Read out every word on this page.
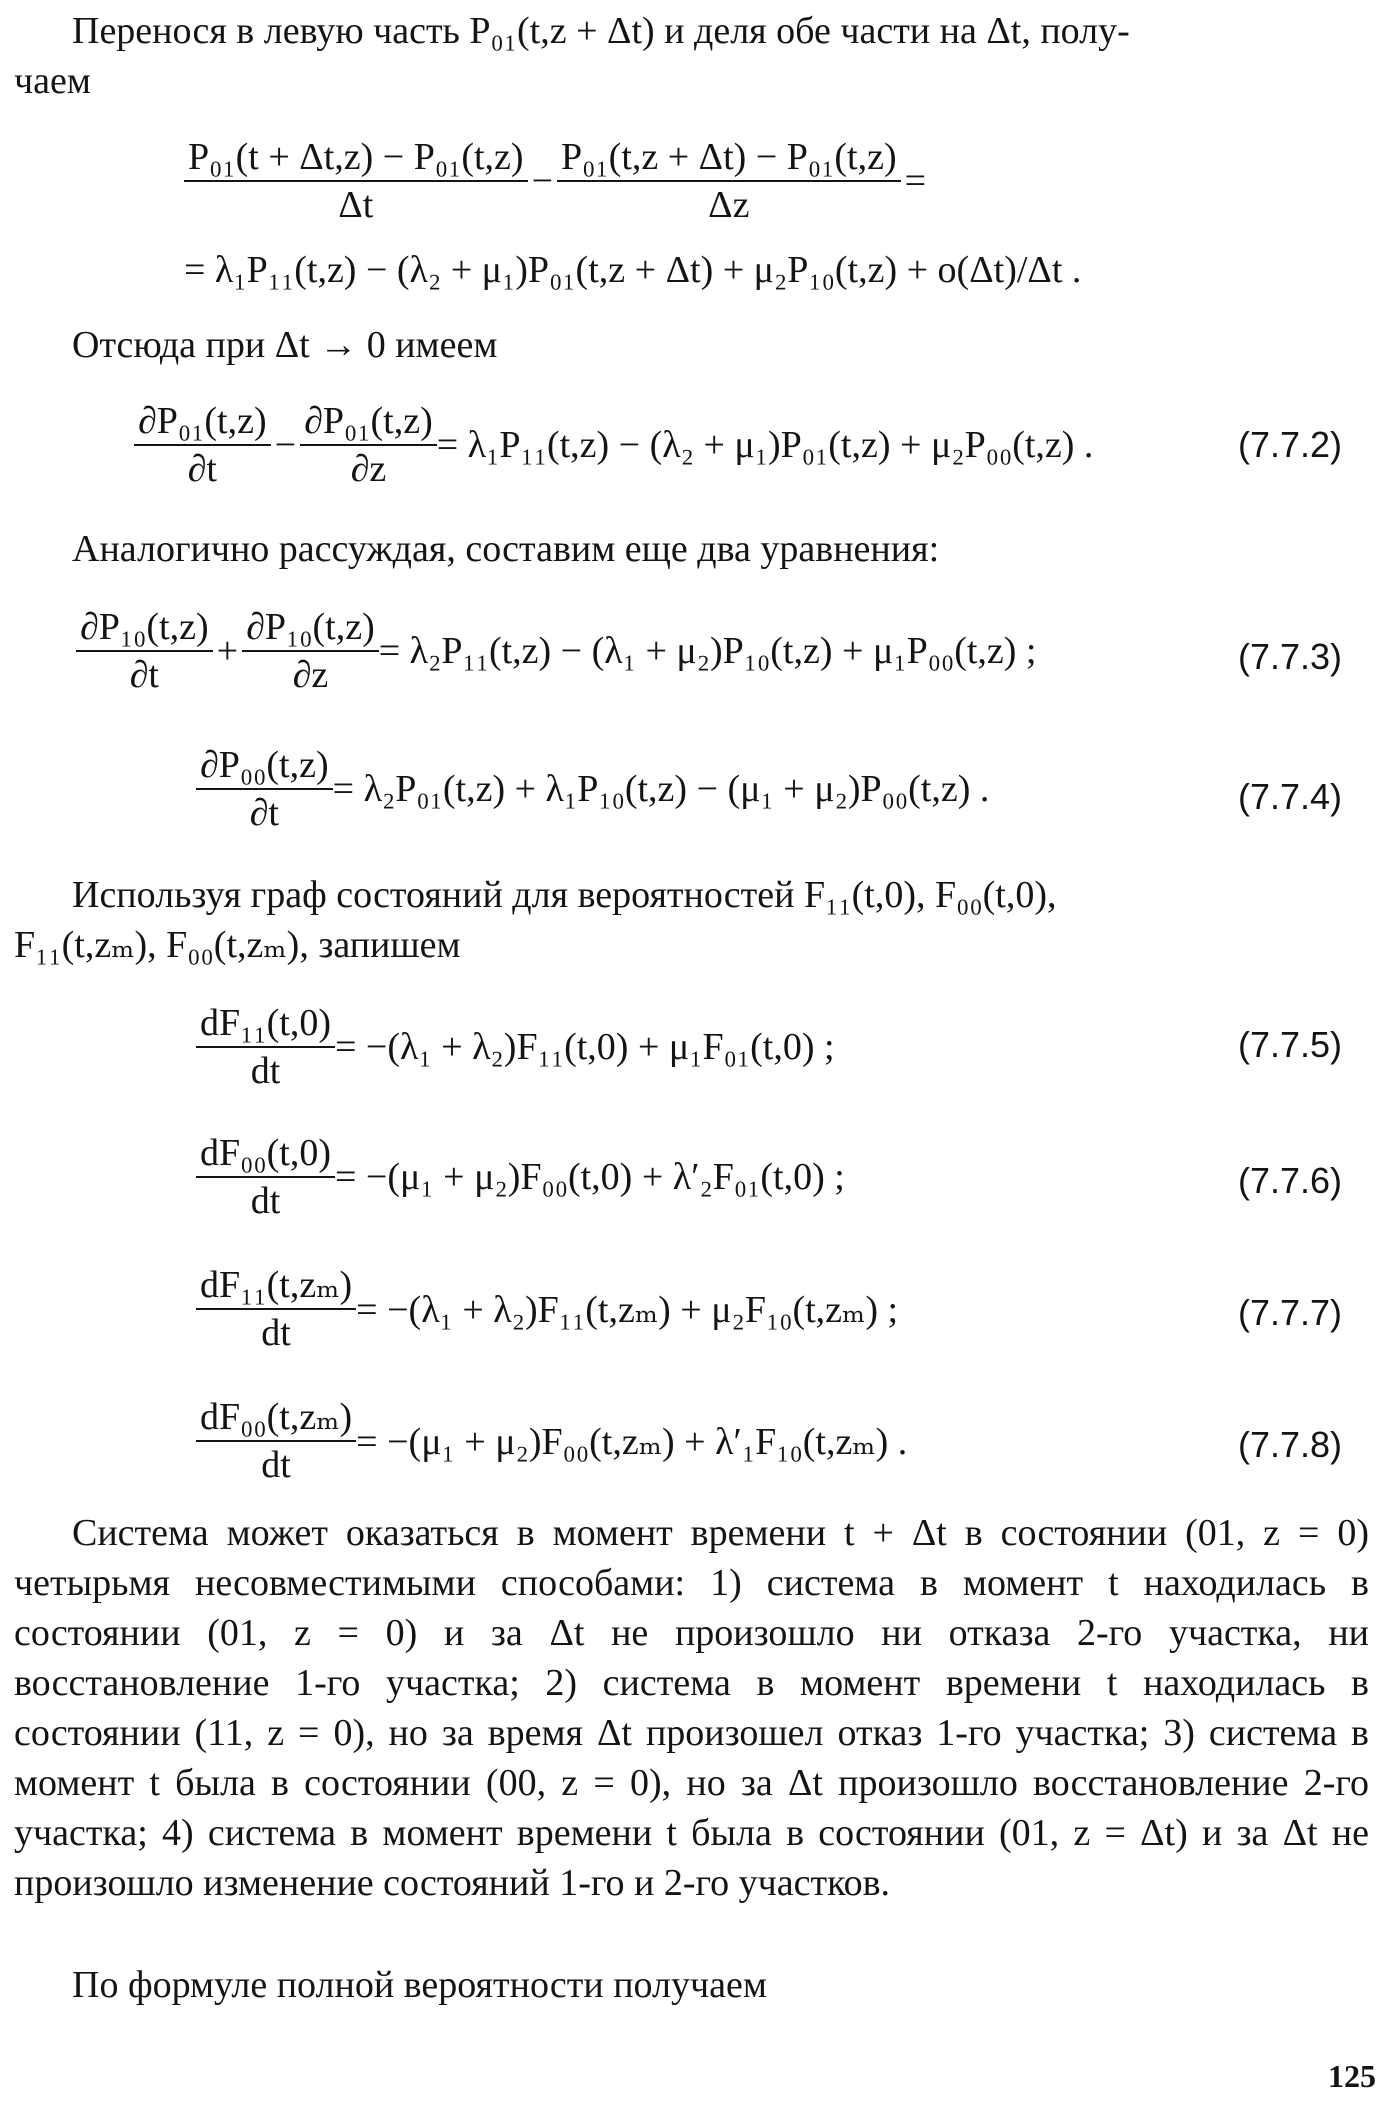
Перенося в левую часть P₀₁(t,z + Δt) и деля обе части на Δt, полу-

чаем

$\frac{\text{P₀₁(t + Δt,z) − P₀₁(t,z)}}{\Delta t} - \frac{\text{P₀₁(t,z + Δt) − P₀₁(t,z)}}{\Delta z}$ =
= λ₁P₁₁(t,z) − (λ₂ + μ₁)P₀₁(t,z + Δt) + μ₂P₁₀(t,z) + o(Δt)/Δt .

Отсюда при Δt → 0 имеем

$\frac{\text{∂P₀₁(t,z)}}{\partial t} - \frac{\text{∂P₀₁(t,z)}}{\partial z} = \lambda_1P_{11}(t,z) - (\lambda_2 + \mu_1)P_{01}(t,z) + \mu_2P_{00}(t,z)$ .	(7.7.2)

Аналогично рассуждая, составим еще два уравнения:

$\frac{\text{∂P₁₀(t,z)}}{\partial t} + \frac{\text{∂P₁₀(t,z)}}{\partial z} = \lambda_2P_{11}(t,z) - (\lambda_1 + \mu_2)P_{10}(t,z) + \mu_1P_{00}(t,z)$ ;	(7.7.3)
$\frac{\text{∂P₀₀(t,z)}}{\partial t} = \lambda_2P_{01}(t,z) + \lambda_1P_{10}(t,z) - (\mu_1 + \mu_2)P_{00}(t,z)$ .	(7.7.4)

Используя граф состояний для вероятностей F₁₁(t,0), F₀₀(t,0),

F₁₁(t,zₘ), F₀₀(t,zₘ), запишем

$\frac{\text{dF₁₁(t,0)}}{dt} = -(\lambda_1 + \lambda_2)F_{11}(t,0) + \mu_1F_{01}(t,0)$ ;	(7.7.5)
$\frac{\text{dF₀₀(t,0)}}{dt} = -(\mu_1 + \mu_2)F_{00}(t,0) + \lambda'_2F_{01}(t,0)$ ;	(7.7.6)
$\frac{\text{dF₁₁(t,zₘ)}}{dt} = -(\lambda_1 + \lambda_2)F_{11}(t,z_m) + \mu_2F_{10}(t,z_m)$ ;	(7.7.7)
$\frac{\text{dF₀₀(t,zₘ)}}{dt} = -(\mu_1 + \mu_2)F_{00}(t,z_m) + \lambda'_1F_{10}(t,z_m)$ .	(7.7.8)

Система может оказаться в момент времени t + Δt в состоянии (01, z = 0) четырьмя несовместимыми способами: 1) система в момент t находилась в состоянии (01, z = 0) и за Δt не произошло ни отказа 2-го участка, ни восстановление 1-го участка; 2) система в момент времени t находилась в состоянии (11, z = 0), но за время Δt произошел отказ 1-го участка; 3) система в момент t была в состоянии (00, z = 0), но за Δt произошло восстановление 2-го участка; 4) система в момент времени t была в состоянии (01, z = Δt) и за Δt не произошло изменение состояний 1-го и 2-го участков.

По формуле полной вероятности получаем

125
